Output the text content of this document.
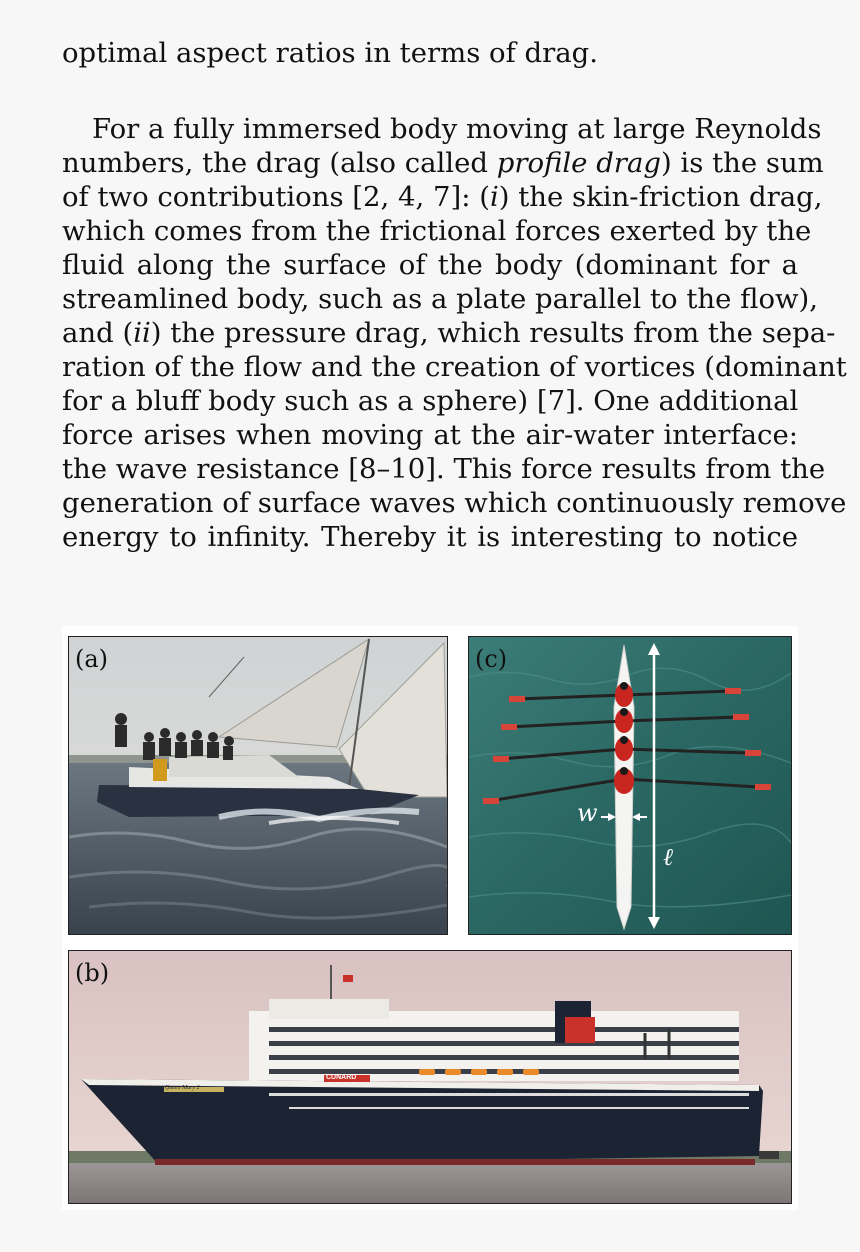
optimal aspect ratios in terms of drag.
For a fully immersed body moving at large Reynolds
numbers, the drag (also called profile drag) is the sum
of two contributions [2, 4, 7]: (i) the skin-friction drag,
which comes from the frictional forces exerted by the
fluid along the surface of the body (dominant for a
streamlined body, such as a plate parallel to the flow),
and (ii) the pressure drag, which results from the sepa-
ration of the flow and the creation of vortices (dominant
for a bluff body such as a sphere) [7]. One additional
force arises when moving at the air-water interface:
the wave resistance [8–10]. This force results from the
generation of surface waves which continuously remove
energy to infinity. Thereby it is interesting to notice
(a)	(c)
w
ℓ
(b)
CUNARD
Queen Mary 2
